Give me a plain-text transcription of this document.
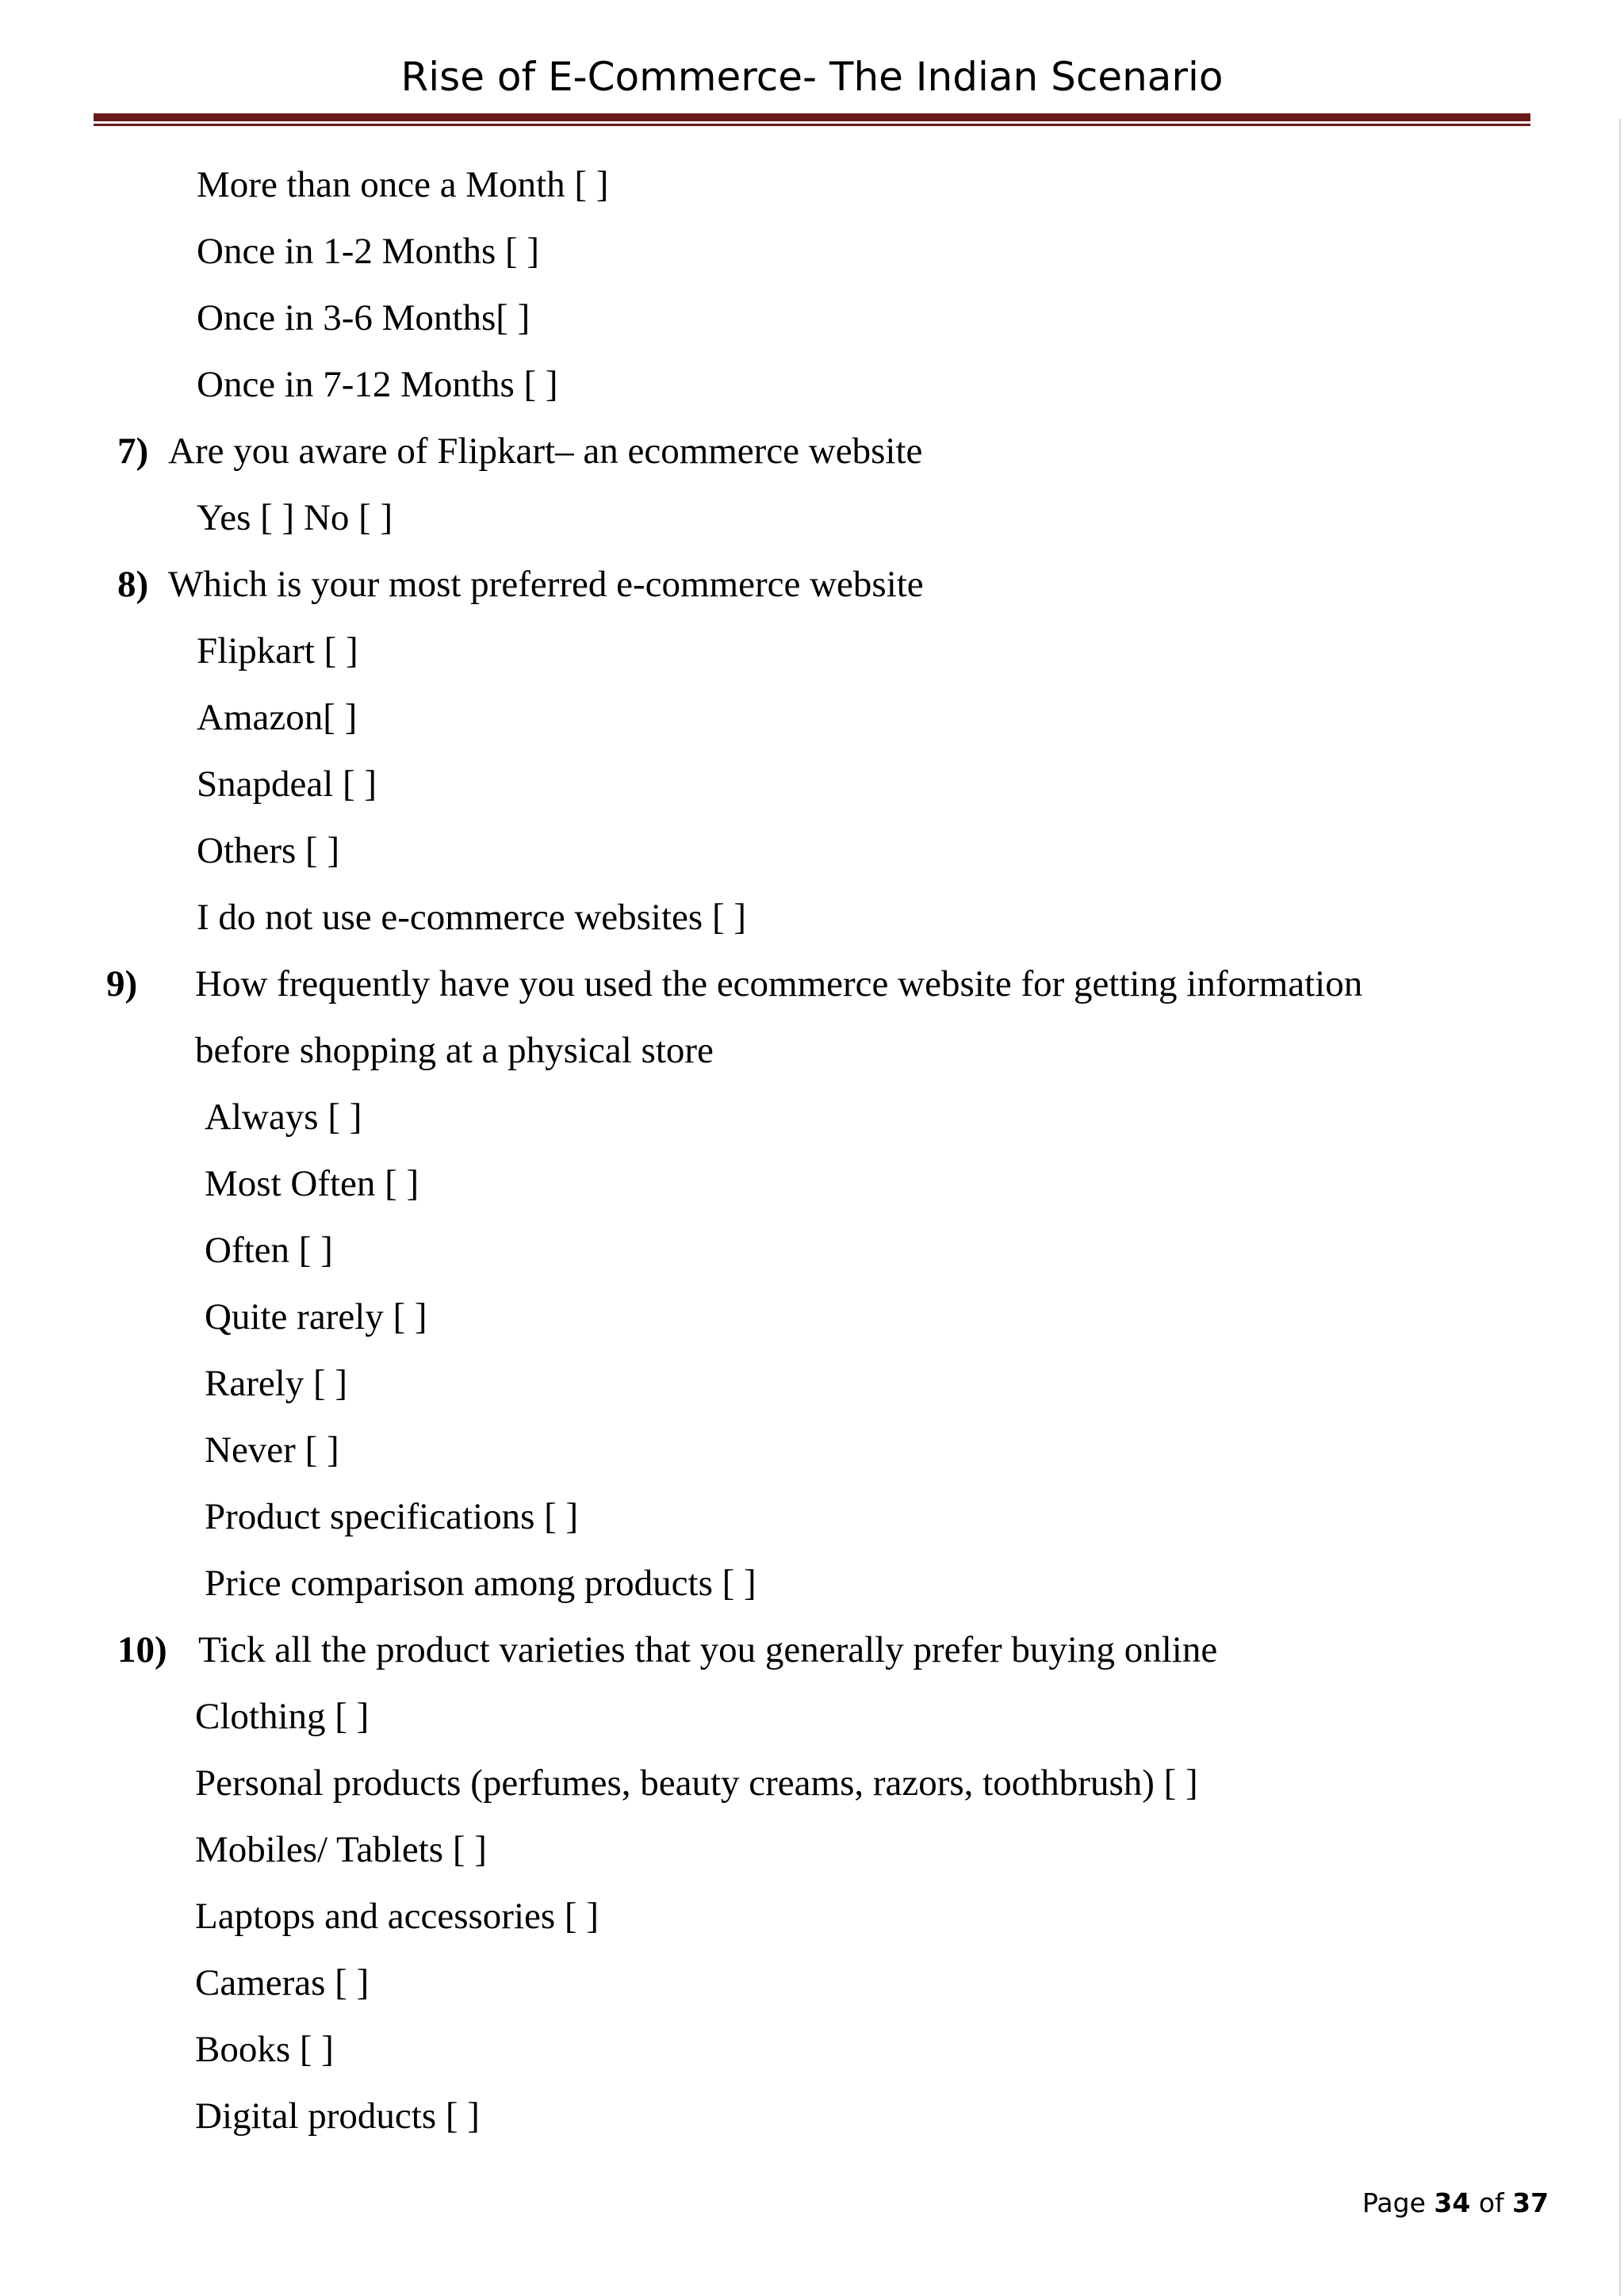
Rise of E-Commerce- The Indian Scenario
More than once a Month [ ]
Once in 1-2 Months [ ]
Once in 3-6 Months[ ]
Once in 7-12 Months [ ]
7) Are you aware of Flipkart– an ecommerce website
Yes [ ] No [ ]
8) Which is your most preferred e-commerce website
Flipkart [ ]
Amazon[ ]
Snapdeal [ ]
Others [ ]
I do not use e-commerce websites [ ]
9) How frequently have you used the ecommerce website for getting information
before shopping at a physical store
Always [ ]
Most Often [ ]
Often [ ]
Quite rarely [ ]
Rarely [ ]
Never [ ]
Product specifications [ ]
Price comparison among products [ ]
10) Tick all the product varieties that you generally prefer buying online
Clothing [ ]
Personal products (perfumes, beauty creams, razors, toothbrush) [ ]
Mobiles/ Tablets [ ]
Laptops and accessories [ ]
Cameras [ ]
Books [ ]
Digital products [ ]
Page 34 of 37
